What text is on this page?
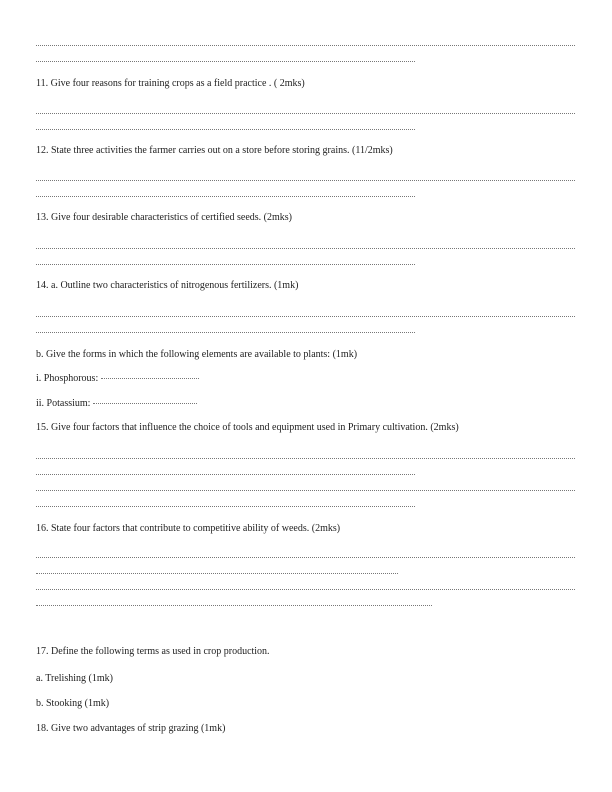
11. Give four reasons for training crops as a field practice . ( 2mks)
12. State three activities the farmer carries out on a store before storing grains. (11/2mks)
13. Give four desirable characteristics of certified seeds. (2mks)
14. a. Outline two characteristics of nitrogenous fertilizers. (1mk)
b. Give the forms in which the following elements are available to plants: (1mk)
i. Phosphorous:
ii. Potassium:
15. Give four factors that influence the choice of tools and equipment used in Primary cultivation. (2mks)
16. State four factors that contribute to competitive ability of weeds. (2mks)
17. Define the following terms as used in crop production.
a. Trelishing (1mk)
b. Stooking (1mk)
18. Give two advantages of strip grazing (1mk)
